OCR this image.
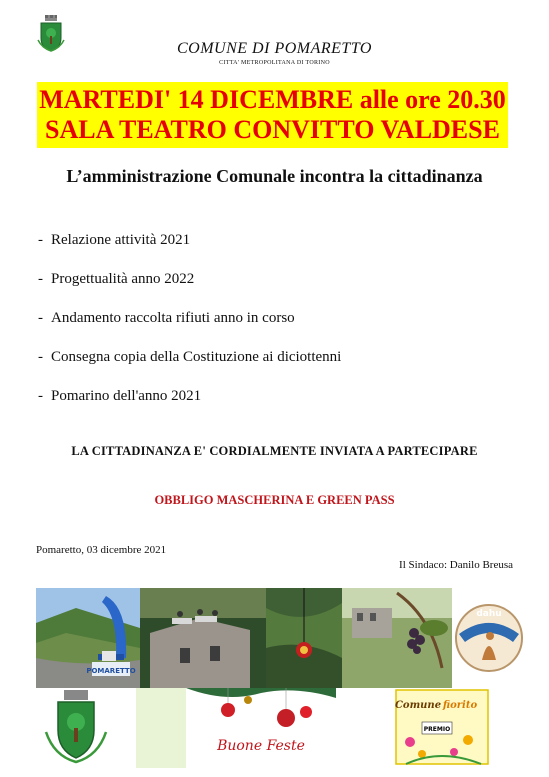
COMUNE DI POMARETTO
CITTA' METROPOLITANA DI TORINO
MARTEDI' 14 DICEMBRE alle ore 20.30
SALA TEATRO CONVITTO VALDESE
L’amministrazione Comunale incontra la cittadinanza
- Relazione attività 2021
- Progettualità anno 2022
- Andamento raccolta rifiuti anno in corso
- Consegna copia della Costituzione ai diciottenni
- Pomarino dell'anno 2021
LA CITTADINANZA E' CORDIALMENTE INVIATA A PARTECIPARE
OBBLIGO MASCHERINA E GREEN PASS
Pomaretto, 03 dicembre 2021
Il Sindaco: Danilo Breusa
POMARETTO
dahu
Buone Feste
Comune fiorito
PREMIO
